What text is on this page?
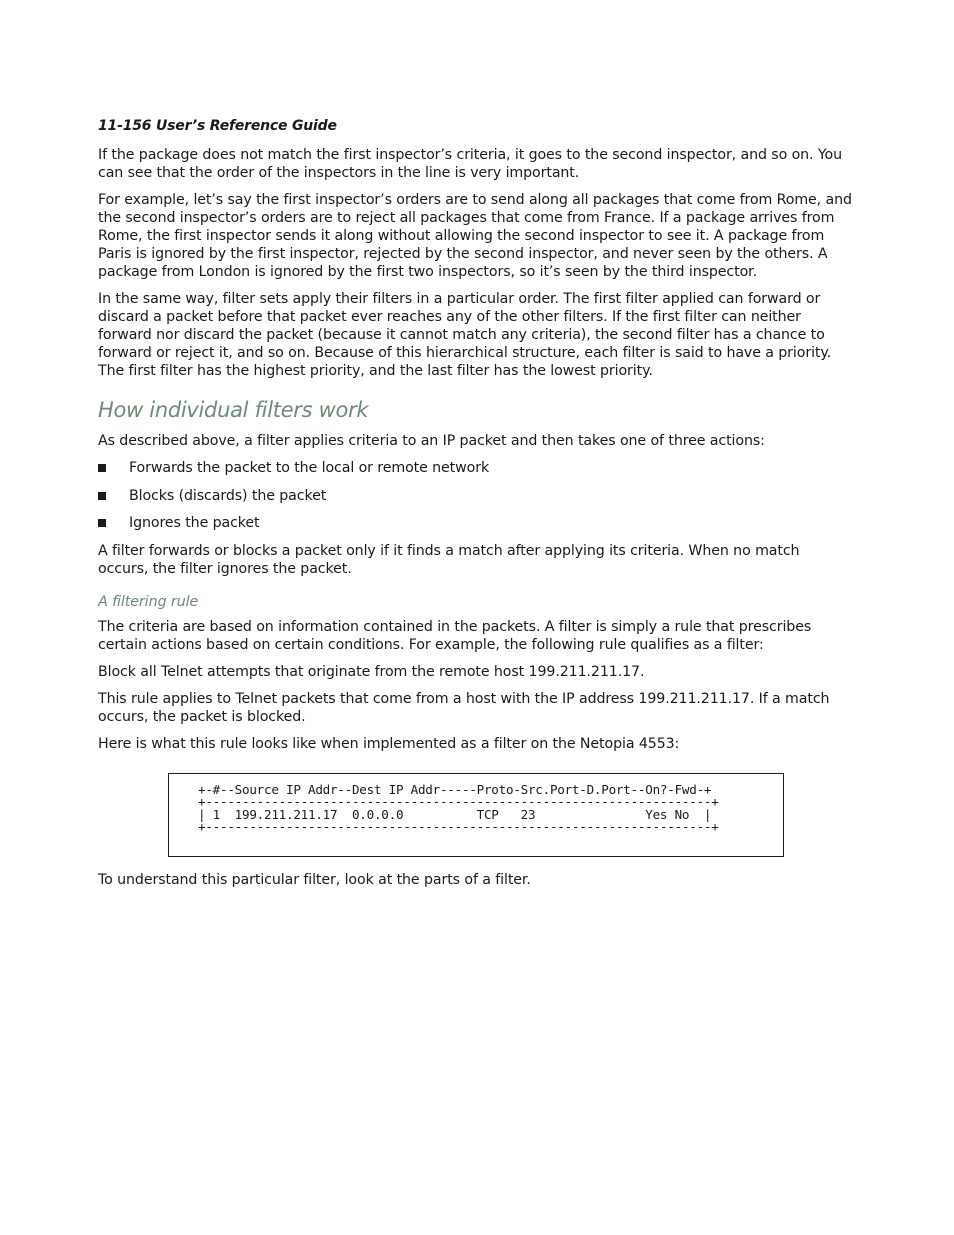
11-156 User’s Reference Guide

If the package does not match the first inspector’s criteria, it goes to the second inspector, and so on. You can see that the order of the inspectors in the line is very important.

For example, let’s say the first inspector’s orders are to send along all packages that come from Rome, and the second inspector’s orders are to reject all packages that come from France. If a package arrives from Rome, the first inspector sends it along without allowing the second inspector to see it. A package from Paris is ignored by the first inspector, rejected by the second inspector, and never seen by the others. A package from London is ignored by the first two inspectors, so it’s seen by the third inspector.

In the same way, filter sets apply their filters in a particular order. The first filter applied can forward or discard a packet before that packet ever reaches any of the other filters. If the first filter can neither forward nor discard the packet (because it cannot match any criteria), the second filter has a chance to forward or reject it, and so on. Because of this hierarchical structure, each filter is said to have a priority. The first filter has the highest priority, and the last filter has the lowest priority.

How individual filters work

As described above, a filter applies criteria to an IP packet and then takes one of three actions:

Forwards the packet to the local or remote network
Blocks (discards) the packet
Ignores the packet

A filter forwards or blocks a packet only if it finds a match after applying its criteria. When no match occurs, the filter ignores the packet.

A filtering rule

The criteria are based on information contained in the packets. A filter is simply a rule that prescribes certain actions based on certain conditions. For example, the following rule qualifies as a filter:

Block all Telnet attempts that originate from the remote host 199.211.211.17.

This rule applies to Telnet packets that come from a host with the IP address 199.211.211.17. If a match occurs, the packet is blocked.

Here is what this rule looks like when implemented as a filter on the Netopia 4553:

+-#--Source IP Addr--Dest IP Addr-----Proto-Src.Port-D.Port--On?-Fwd-+
+---------------------------------------------------------------------+
| 1  199.211.211.17  0.0.0.0          TCP   23               Yes No  |
+---------------------------------------------------------------------+

To understand this particular filter, look at the parts of a filter.
